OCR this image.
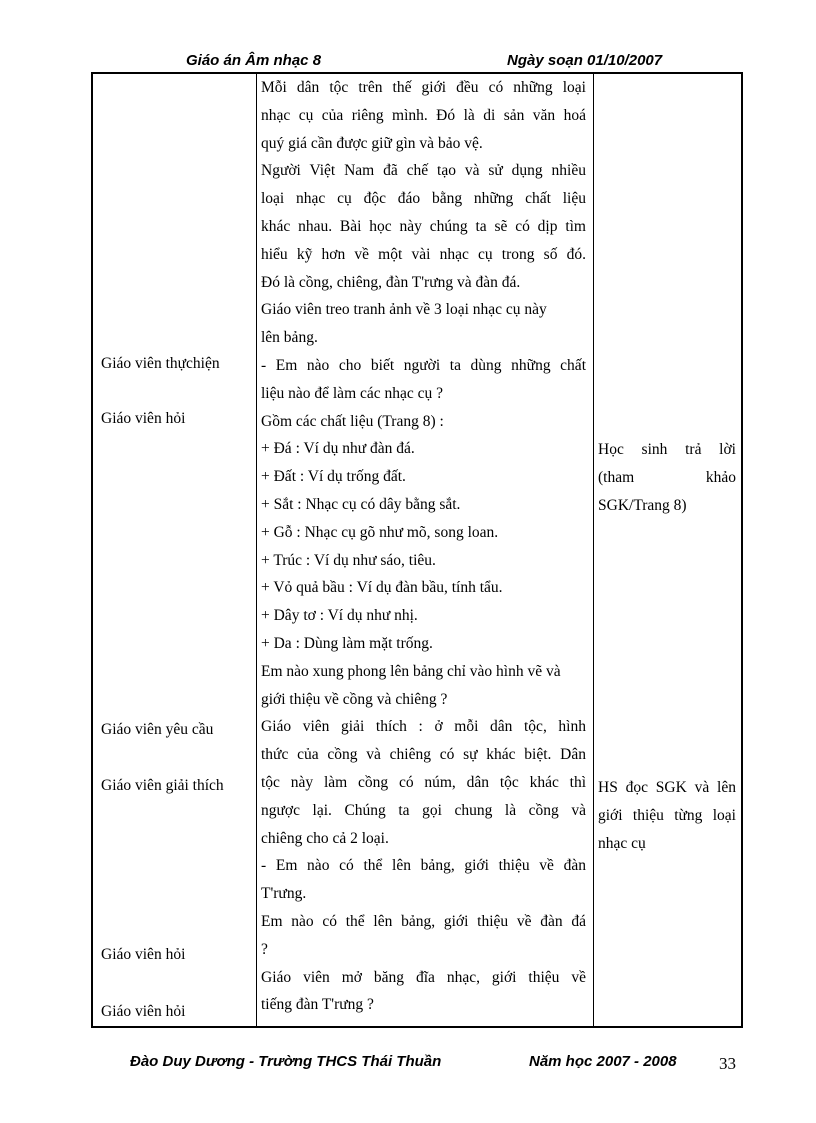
Giáo án Âm nhạc 8	Ngày soạn 01/10/2007
Giáo viên thựchiện
Giáo viên hỏi
Giáo viên yêu cầu
Giáo viên giải thích
Giáo viên hỏi
Giáo viên hỏi
Mỗi dân tộc trên thế giới đều có những loại
nhạc cụ của riêng mình. Đó là di sản văn hoá
quý giá cần được giữ gìn và bảo vệ.
Người Việt Nam đã chế tạo và sử dụng nhiều
loại nhạc cụ độc đáo bằng những chất liệu
khác nhau. Bài học này chúng ta sẽ có dịp tìm
hiểu kỹ hơn về một vài nhạc cụ trong số đó.
Đó là cồng, chiêng, đàn T'rưng và đàn đá.
Giáo viên treo tranh ảnh về 3 loại nhạc cụ này
lên bảng.
- Em nào cho biết người ta dùng những chất
liệu nào để làm các nhạc cụ ?
Gồm các chất liệu (Trang 8) :
+ Đá : Ví dụ như đàn đá.
+ Đất : Ví dụ trống đất.
+ Sắt : Nhạc cụ có dây bằng sắt.
+ Gỗ : Nhạc cụ gõ như mõ, song loan.
+ Trúc : Ví dụ như sáo, tiêu.
+ Vỏ quả bầu : Ví dụ đàn bầu, tính tẩu.
+ Dây tơ : Ví dụ như nhị.
+ Da : Dùng làm mặt trống.
Em nào xung phong lên bảng chỉ vào hình vẽ và
giới thiệu về cồng và chiêng ?
Giáo viên giải thích : ở mỗi dân tộc, hình
thức của cồng và chiêng có sự khác biệt. Dân
tộc này làm cồng có núm, dân tộc khác thì
ngược lại. Chúng ta gọi chung là cồng và
chiêng cho cả 2 loại.
- Em nào có thể lên bảng, giới thiệu về đàn
T'rưng.
Em nào có thể lên bảng, giới thiệu về đàn đá
?
Giáo viên mở băng đĩa nhạc, giới thiệu về
tiếng đàn T'rưng ?
Học sinh trả lời
(tham khảo
SGK/Trang 8)
HS đọc SGK và lên
giới thiệu từng loại
nhạc cụ
Đào Duy Dương - Trường THCS Thái Thuần	Năm học 2007 - 2008 33
